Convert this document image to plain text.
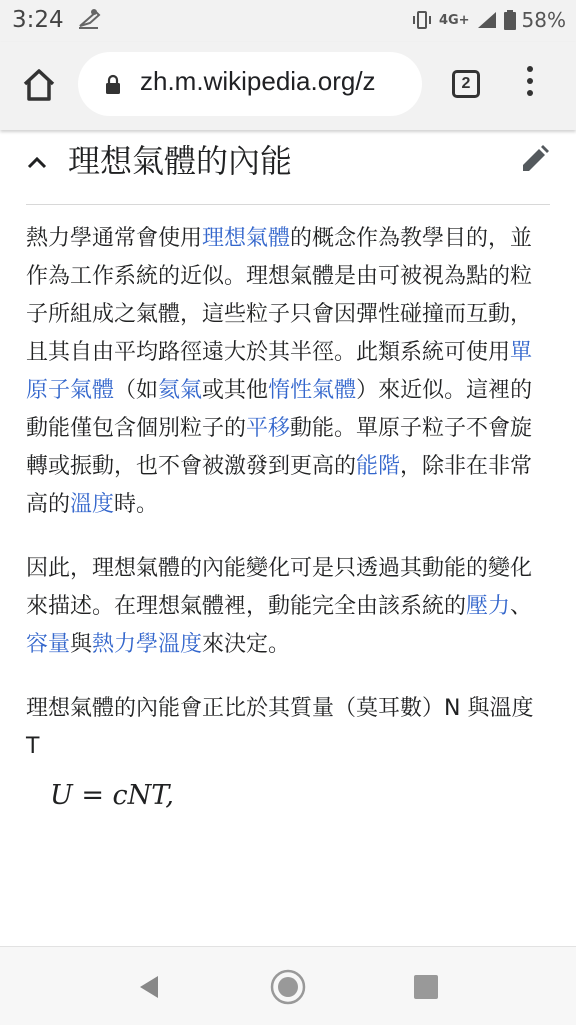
3:24	4G+	58%
zh.m.wikipedia.org/z	2
理想氣體的內能

熱力學通常會使用理想氣體的概念作為教學目的，並作為工作系統的近似。理想氣體是由可被視為點的粒子所組成之氣體，這些粒子只會因彈性碰撞而互動，且其自由平均路徑遠大於其半徑。此類系統可使用單原子氣體（如氦氣或其他惰性氣體）來近似。這裡的動能僅包含個別粒子的平移動能。單原子粒子不會旋轉或振動，也不會被激發到更高的能階，除非在非常高的溫度時。

因此，理想氣體的內能變化可是只透過其動能的變化來描述。在理想氣體裡，動能完全由該系統的壓力、容量與熱力學溫度來決定。

理想氣體的內能會正比於其質量（莫耳數）N 與溫度 T

U = cNT,
